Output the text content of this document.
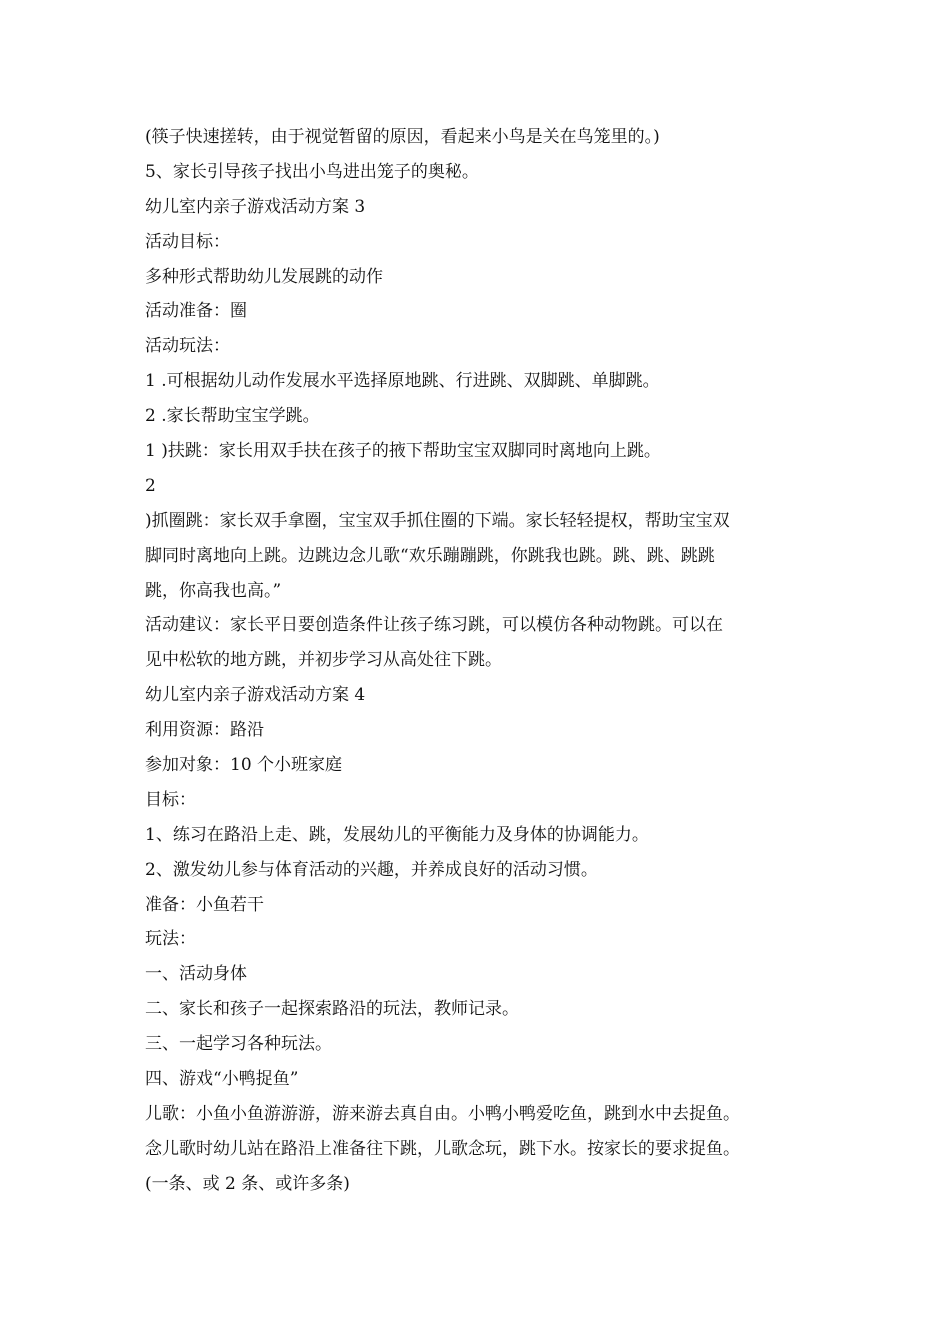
(筷子快速搓转，由于视觉暂留的原因，看起来小鸟是关在鸟笼里的。)
5、家长引导孩子找出小鸟进出笼子的奥秘。
幼儿室内亲子游戏活动方案 3
活动目标：
多种形式帮助幼儿发展跳的动作
活动准备：圈
活动玩法：
1 .可根据幼儿动作发展水平选择原地跳、行进跳、双脚跳、单脚跳。
2 .家长帮助宝宝学跳。
1 )扶跳：家长用双手扶在孩子的掖下帮助宝宝双脚同时离地向上跳。
2
)抓圈跳：家长双手拿圈，宝宝双手抓住圈的下端。家长轻轻提权，帮助宝宝双
脚同时离地向上跳。边跳边念儿歌“欢乐蹦蹦跳，你跳我也跳。跳、跳、跳跳
跳，你高我也高。”
活动建议：家长平日要创造条件让孩子练习跳，可以模仿各种动物跳。可以在
见中松软的地方跳，并初步学习从高处往下跳。
幼儿室内亲子游戏活动方案 4
利用资源：路沿
参加对象：10 个小班家庭
目标：
1、练习在路沿上走、跳，发展幼儿的平衡能力及身体的协调能力。
2、激发幼儿参与体育活动的兴趣，并养成良好的活动习惯。
准备：小鱼若干
玩法：
一、活动身体
二、家长和孩子一起探索路沿的玩法，教师记录。
三、一起学习各种玩法。
四、游戏“小鸭捉鱼”
儿歌：小鱼小鱼游游游，游来游去真自由。小鸭小鸭爱吃鱼，跳到水中去捉鱼。
念儿歌时幼儿站在路沿上准备往下跳，儿歌念玩，跳下水。按家长的要求捉鱼。
(一条、或 2 条、或许多条)
